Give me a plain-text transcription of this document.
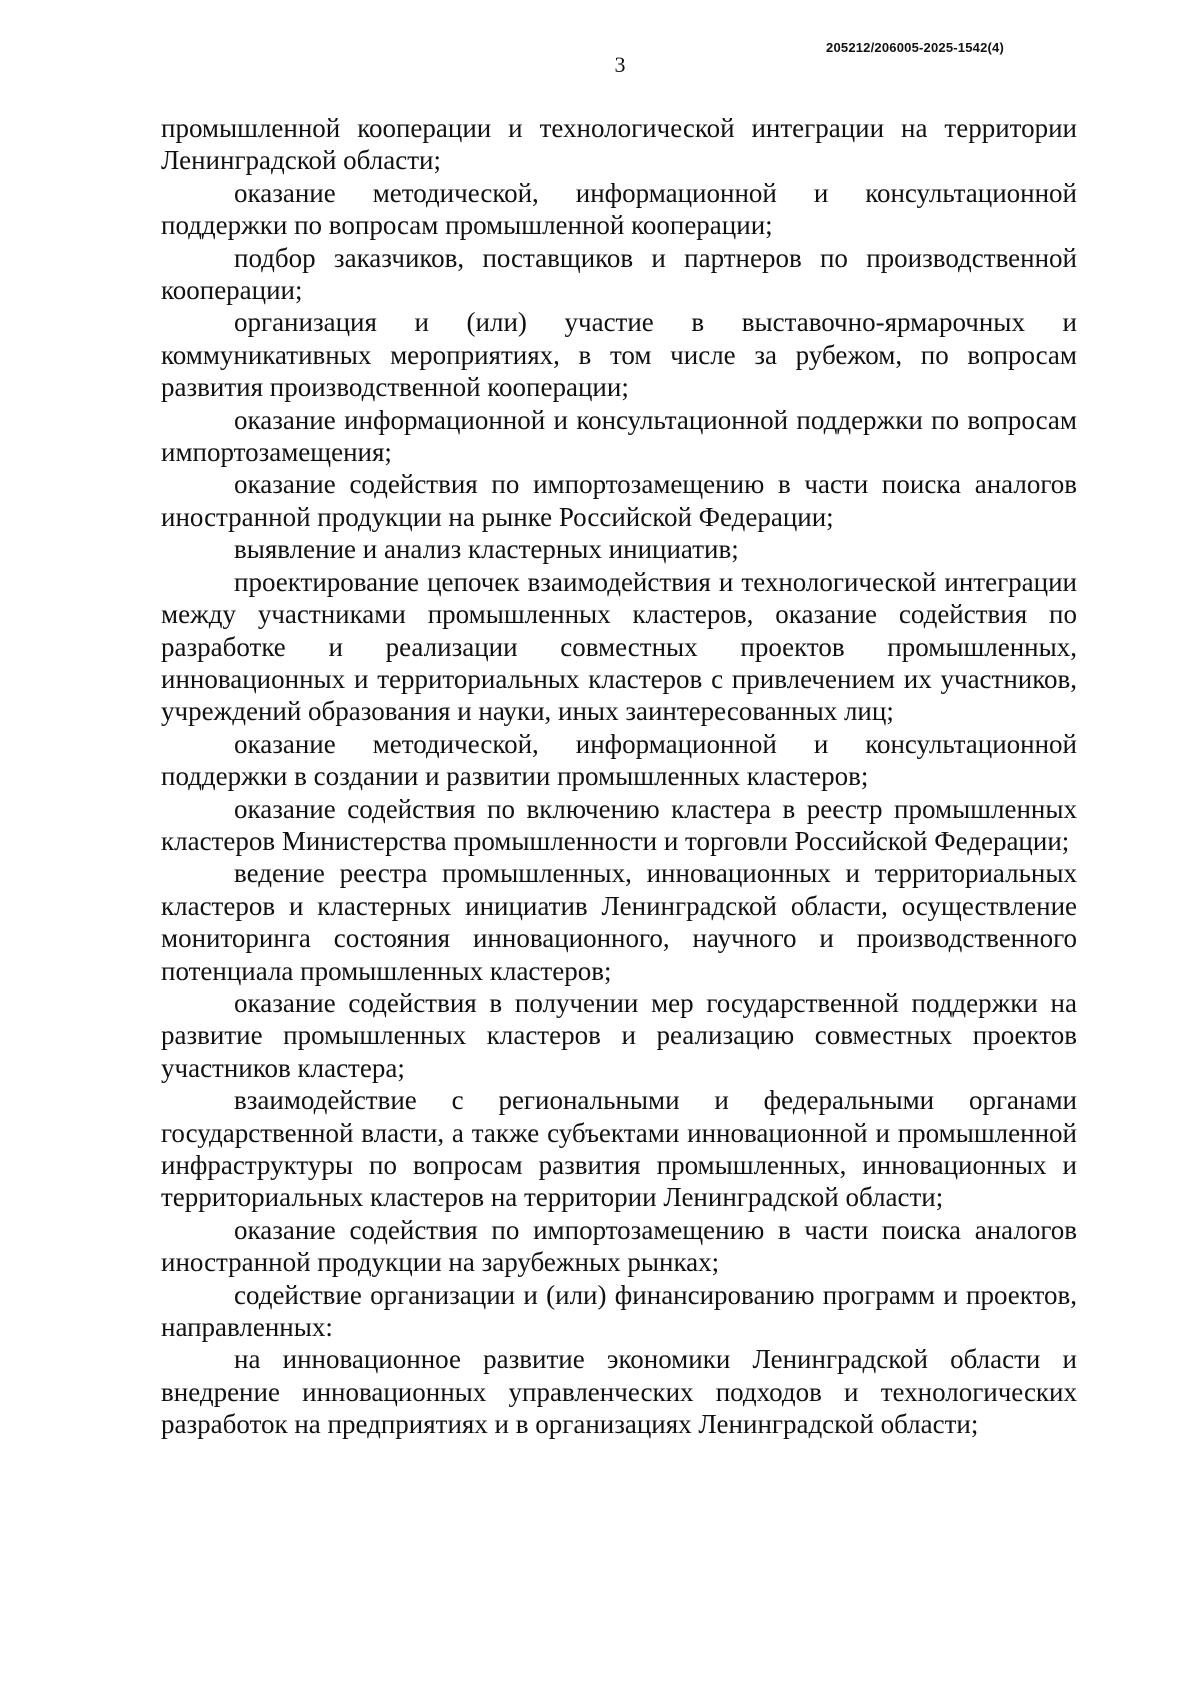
3
205212/206005-2025-1542(4)

промышленной кооперации и технологической интеграции на территории Ленинградской области;

оказание методической, информационной и консультационной поддержки по вопросам промышленной кооперации;

подбор заказчиков, поставщиков и партнеров по производственной кооперации;

организация и (или) участие в выставочно-ярмарочных и коммуникативных мероприятиях, в том числе за рубежом, по вопросам развития производственной кооперации;

оказание информационной и консультационной поддержки по вопросам импортозамещения;

оказание содействия по импортозамещению в части поиска аналогов иностранной продукции на рынке Российской Федерации;

выявление и анализ кластерных инициатив;

проектирование цепочек взаимодействия и технологической интеграции между участниками промышленных кластеров, оказание содействия по разработке и реализации совместных проектов промышленных, инновационных и территориальных кластеров с привлечением их участников, учреждений образования и науки, иных заинтересованных лиц;

оказание методической, информационной и консультационной поддержки в создании и развитии промышленных кластеров;

оказание содействия по включению кластера в реестр промышленных кластеров Министерства промышленности и торговли Российской Федерации;

ведение реестра промышленных, инновационных и территориальных кластеров и кластерных инициатив Ленинградской области, осуществление мониторинга состояния инновационного, научного и производственного потенциала промышленных кластеров;

оказание содействия в получении мер государственной поддержки на развитие промышленных кластеров и реализацию совместных проектов участников кластера;

взаимодействие с региональными и федеральными органами государственной власти, а также субъектами инновационной и промышленной инфраструктуры по вопросам развития промышленных, инновационных и территориальных кластеров на территории Ленинградской области;

оказание содействия по импортозамещению в части поиска аналогов иностранной продукции на зарубежных рынках;

содействие организации и (или) финансированию программ и проектов, направленных:

на инновационное развитие экономики Ленинградской области и внедрение инновационных управленческих подходов и технологических разработок на предприятиях и в организациях Ленинградской области;
